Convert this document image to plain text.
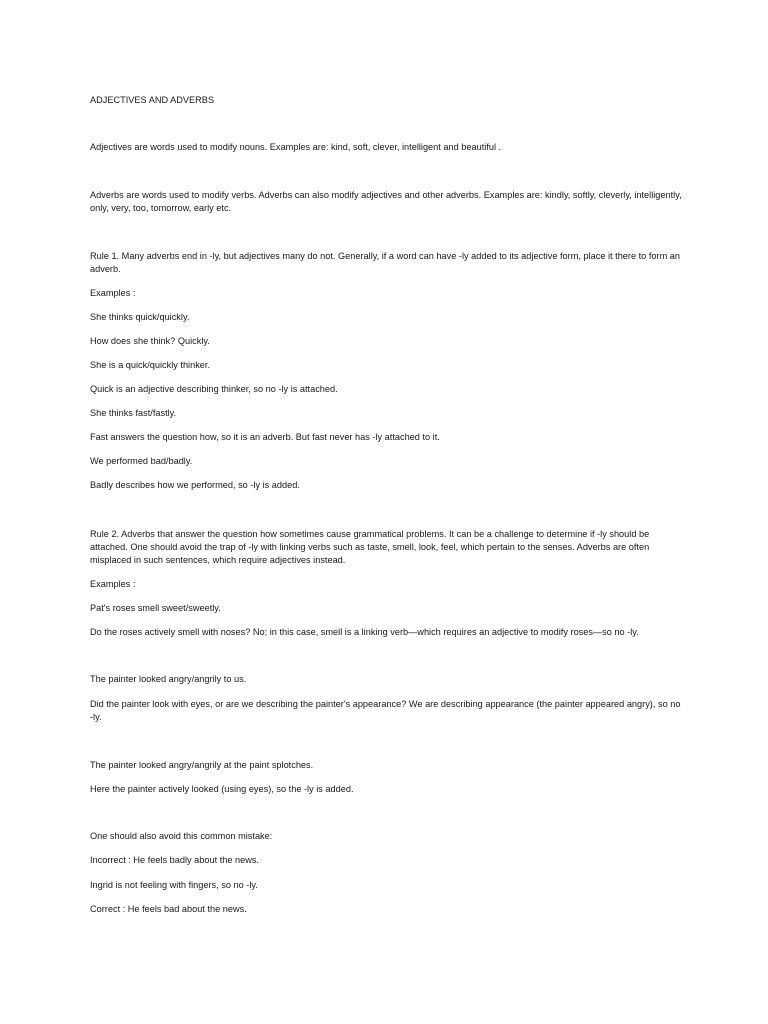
ADJECTIVES AND ADVERBS

Adjectives are words used to modify nouns. Examples are: kind, soft, clever, intelligent and beautiful .

Adverbs are words used to modify verbs. Adverbs can also modify adjectives and other adverbs. Examples are: kindly, softly, cleverly, intelligently, only, very, too, tomorrow, early etc.

Rule 1. Many adverbs end in -ly, but adjectives many do not. Generally, if a word can have -ly added to its adjective form, place it there to form an adverb.

Examples :

She thinks quick/quickly.

How does she think? Quickly.

She is a quick/quickly thinker.

Quick is an adjective describing thinker, so no -ly is attached.

She thinks fast/fastly.

Fast answers the question how, so it is an adverb. But fast never has -ly attached to it.

We performed bad/badly.

Badly describes how we performed, so -ly is added.

Rule 2. Adverbs that answer the question how sometimes cause grammatical problems. It can be a challenge to determine if -ly should be attached. One should avoid the trap of -ly with linking verbs such as taste, smell, look, feel, which pertain to the senses. Adverbs are often misplaced in such sentences, which require adjectives instead.

Examples :

Pat's roses smell sweet/sweetly.

Do the roses actively smell with noses? No; in this case, smell is a linking verb—which requires an adjective to modify roses—so no -ly.

The painter looked angry/angrily to us.

Did the painter look with eyes, or are we describing the painter's appearance? We are describing appearance (the painter appeared angry), so no -ly.

The painter looked angry/angrily at the paint splotches.

Here the painter actively looked (using eyes), so the -ly is added.

One should also avoid this common mistake:

Incorrect : He feels badly about the news.

Ingrid is not feeling with fingers, so no -ly.

Correct : He feels bad about the news.
